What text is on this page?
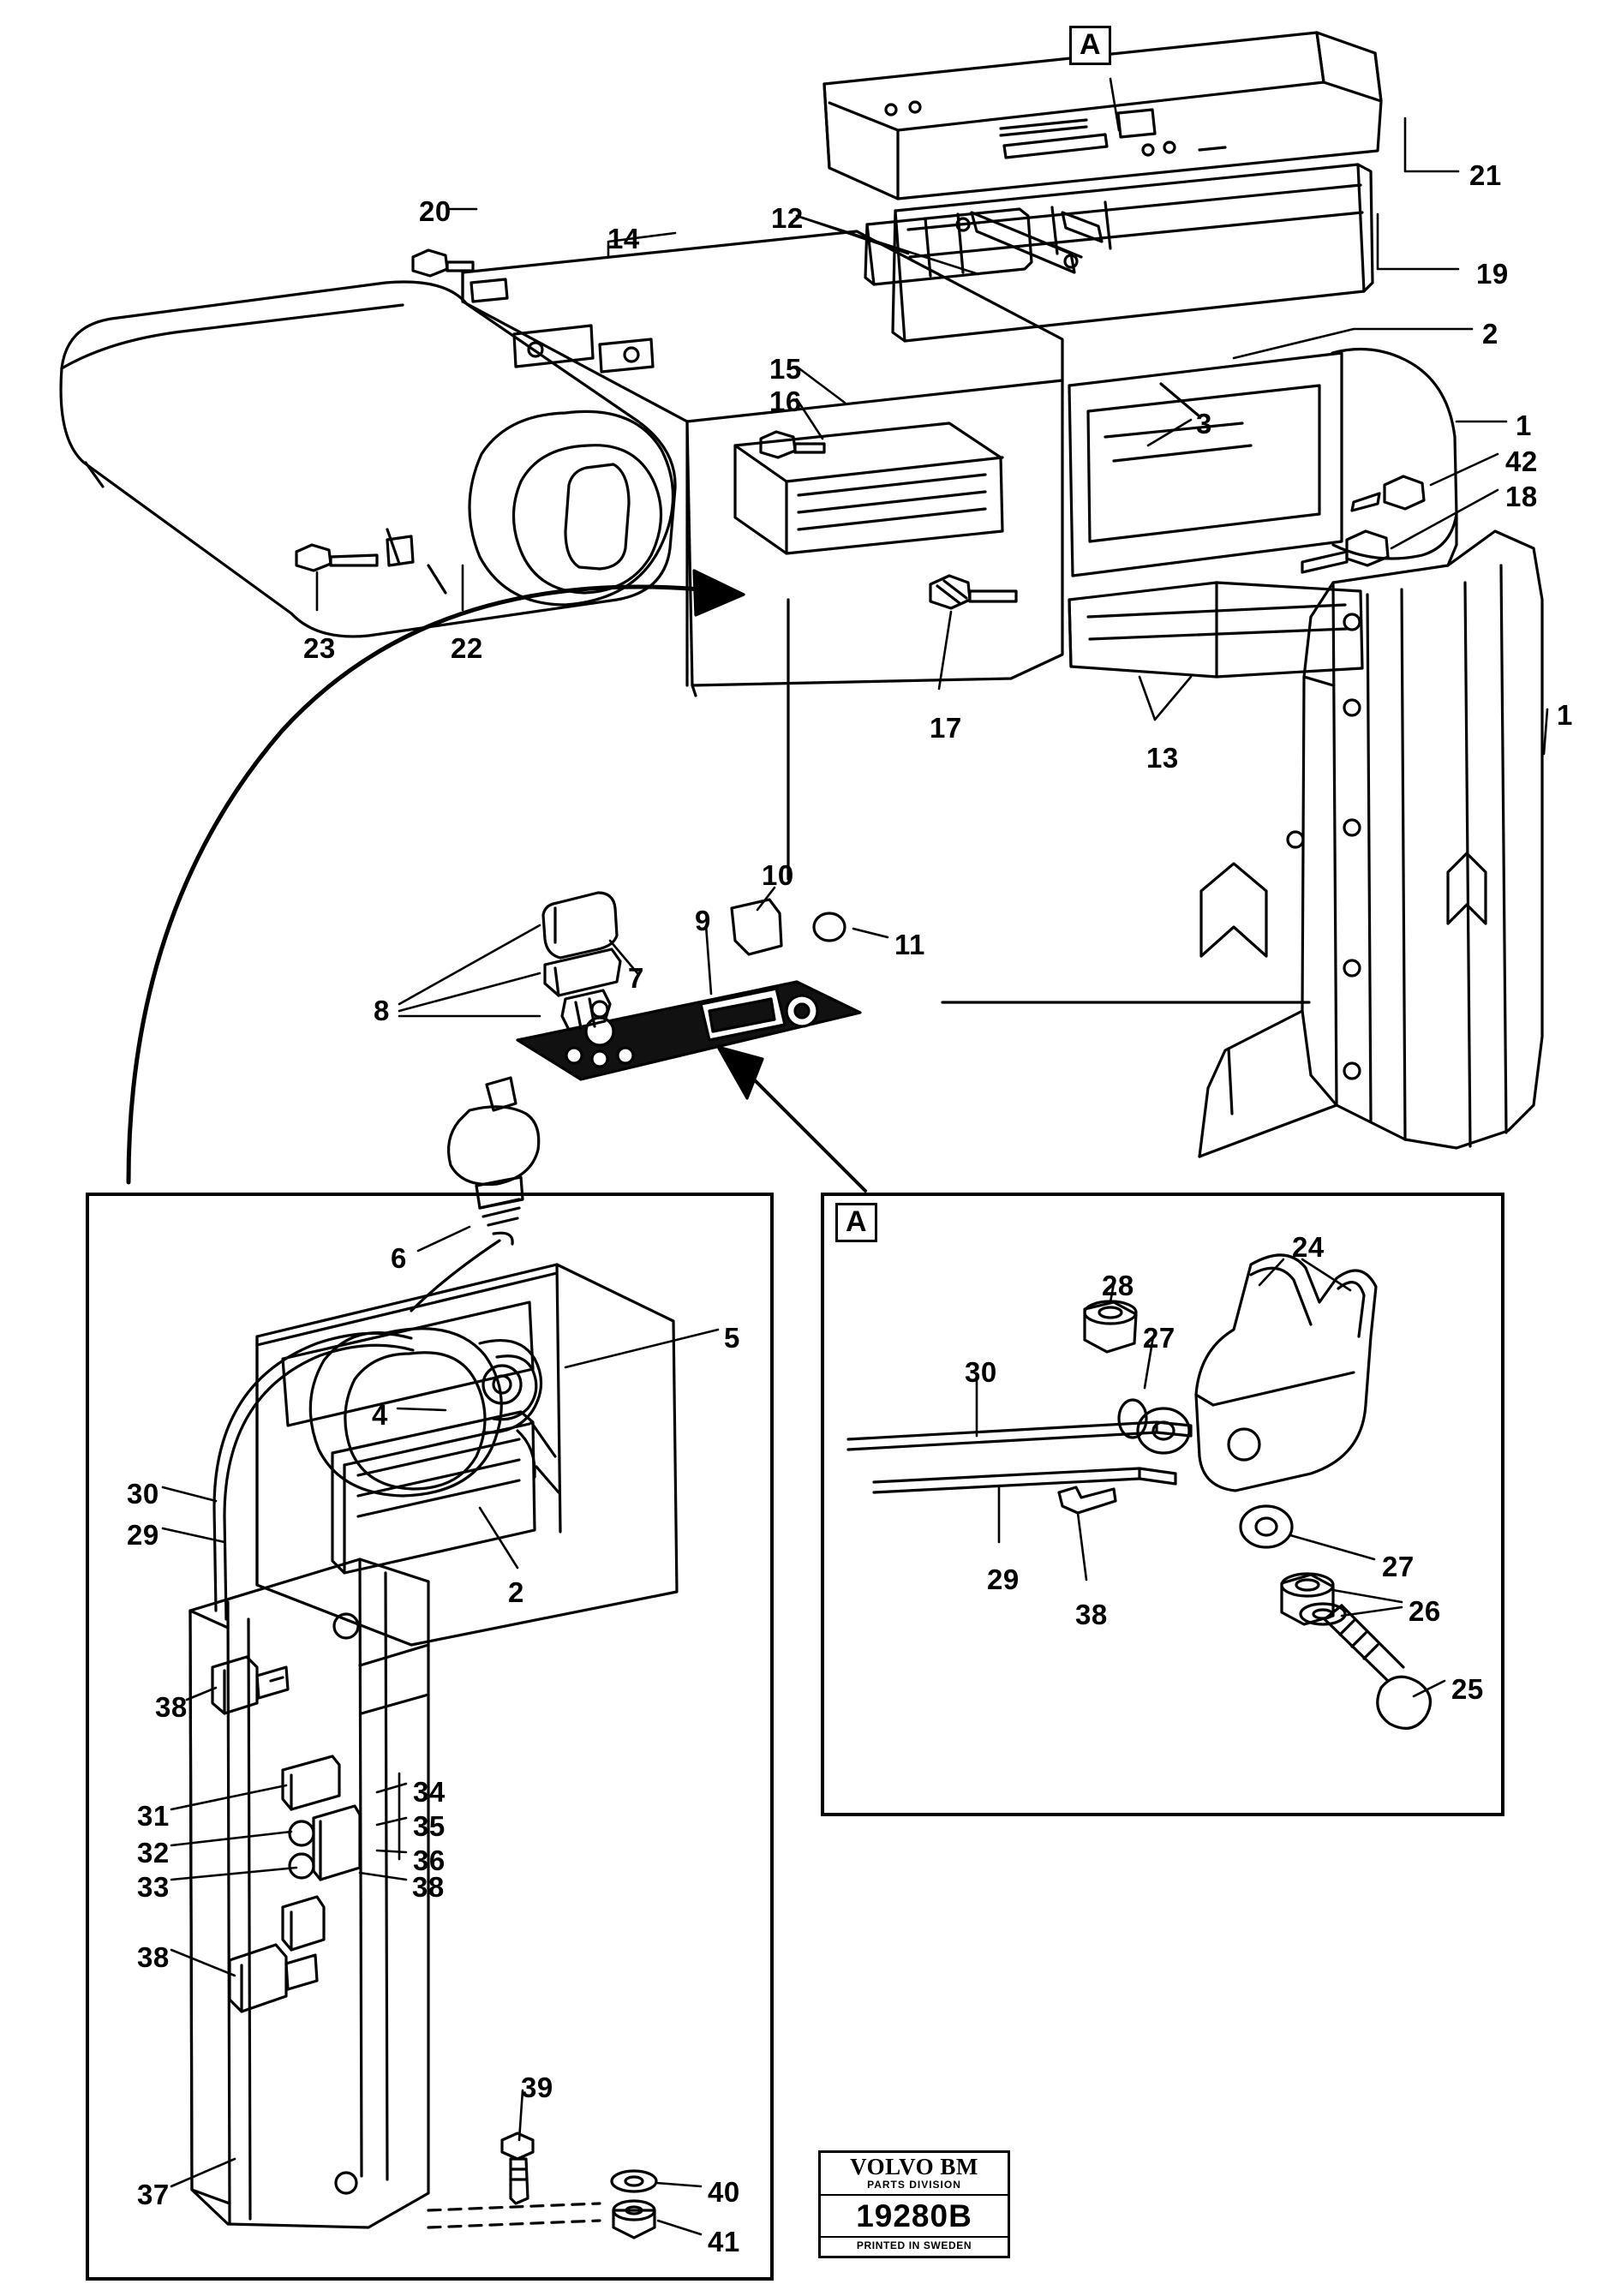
A
A
21
20
14
12
19
2
15
16
3	1
42
18
23	22
17
13
1
10
9
11
7
8
6
5
4
30
29
2
38
34
35
36
31
32
33	38
38
39
37	40
41
24
28
27
30
29
38
27
26
25
VOLVO BM
PARTS DIVISION
19280B
PRINTED IN SWEDEN
